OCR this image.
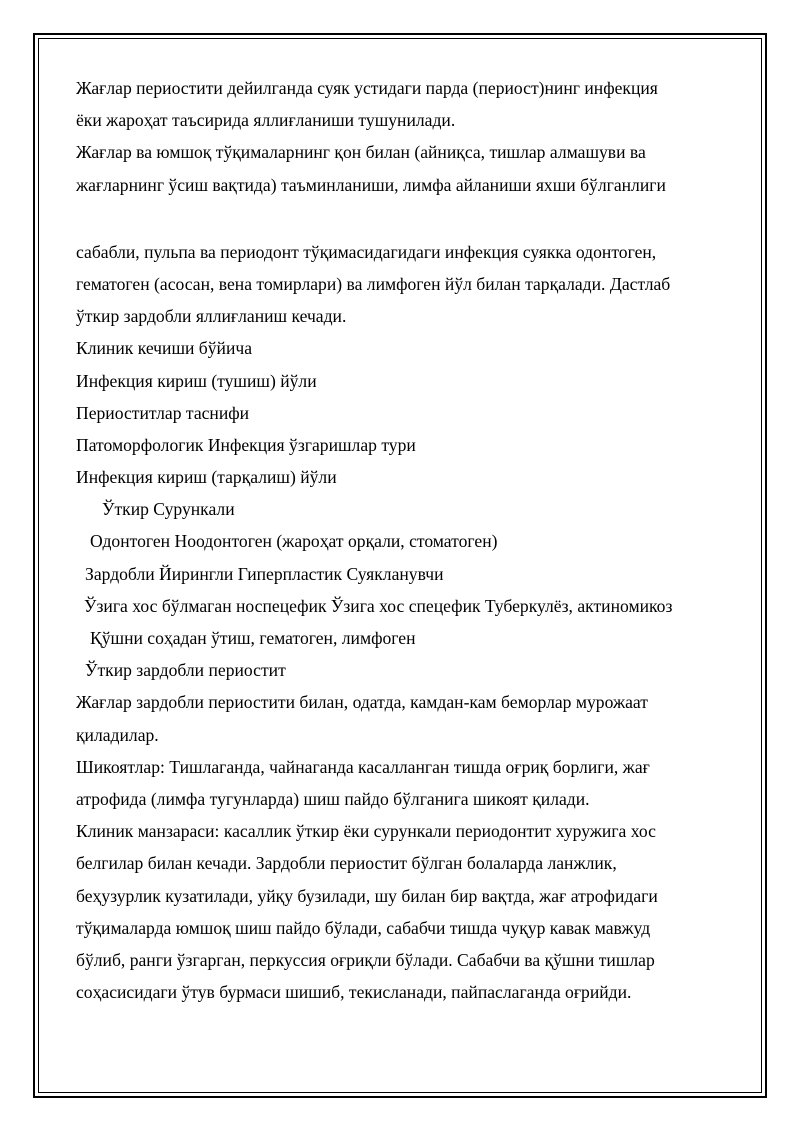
Жағлар периостити дейилганда суяк устидаги парда (периост)нинг инфекция
ёки жароҳат таъсирида яллиғланиши тушунилади.
Жағлар ва юмшоқ тўқималарнинг қон билан (айниқса, тишлар алмашуви ва
жағларнинг ўсиш вақтида) таъминланиши, лимфа айланиши яхши бўлганлиги
сабабли, пульпа ва периодонт тўқимасидагидаги инфекция суякка одонтоген,
гематоген (асосан, вена томирлари) ва лимфоген йўл билан тарқалади. Дастлаб
ўткир зардобли яллиғланиш кечади.
Клиник кечиши бўйича
Инфекция кириш (тушиш) йўли
Периоститлар таснифи
Патоморфологик Инфекция ўзгаришлар тури
Инфекция кириш (тарқалиш) йўли
Ўткир Сурункали
Одонтоген Ноодонтоген (жароҳат орқали, стоматоген)
Зардобли Йирингли Гиперпластик Суякланувчи
Ўзига хос бўлмаган носпецефик Ўзига хос спецефик Туберкулёз, актиномикоз
Қўшни соҳадан ўтиш, гематоген, лимфоген
Ўткир зардобли периостит
Жағлар зардобли периостити билан, одатда, камдан-кам беморлар мурожаат
қиладилар.
Шикоятлар: Тишлаганда, чайнаганда касалланган тишда оғриқ борлиги, жағ
атрофида (лимфа тугунларда) шиш пайдо бўлганига шикоят қилади.
Клиник манзараси: касаллик ўткир ёки сурункали периодонтит хуружига хос
белгилар билан кечади. Зардобли периостит бўлган болаларда ланжлик,
беҳузурлик кузатилади, уйқу бузилади, шу билан бир вақтда, жағ атрофидаги
тўқималарда юмшоқ шиш пайдо бўлади, сабабчи тишда чуқур кавак мавжуд
бўлиб, ранги ўзгарган, перкуссия оғриқли бўлади. Сабабчи ва қўшни тишлар
соҳасисидаги ўтув бурмаси шишиб, текисланади, пайпаслаганда оғрийди.
